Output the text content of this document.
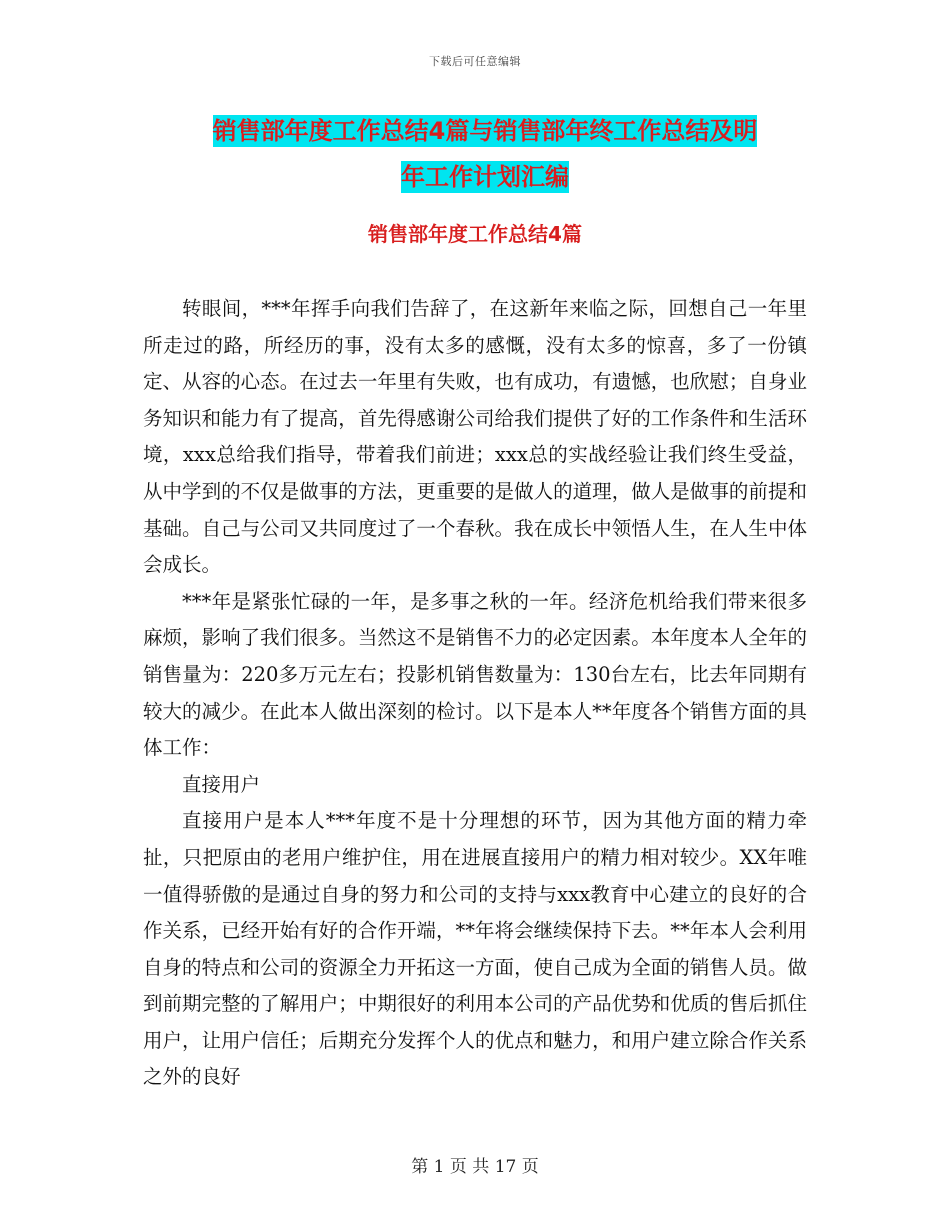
下载后可任意编辑
销售部年度工作总结4篇与销售部年终工作总结及明
年工作计划汇编
销售部年度工作总结4篇

转眼间，***年挥手向我们告辞了，在这新年来临之际，回想自己一年里所走过的路，所经历的事，没有太多的感慨，没有太多的惊喜，多了一份镇定、从容的心态。在过去一年里有失败，也有成功，有遗憾，也欣慰；自身业务知识和能力有了提高，首先得感谢公司给我们提供了好的工作条件和生活环境，xxx总给我们指导，带着我们前进；xxx总的实战经验让我们终生受益，从中学到的不仅是做事的方法，更重要的是做人的道理，做人是做事的前提和基础。自己与公司又共同度过了一个春秋。我在成长中领悟人生，在人生中体会成长。

***年是紧张忙碌的一年，是多事之秋的一年。经济危机给我们带来很多麻烦，影响了我们很多。当然这不是销售不力的必定因素。本年度本人全年的销售量为：220多万元左右；投影机销售数量为：130台左右，比去年同期有较大的减少。在此本人做出深刻的检讨。以下是本人**年度各个销售方面的具体工作：

直接用户

直接用户是本人***年度不是十分理想的环节，因为其他方面的精力牵扯，只把原由的老用户维护住，用在进展直接用户的精力相对较少。XX年唯一值得骄傲的是通过自身的努力和公司的支持与xxx教育中心建立的良好的合作关系，已经开始有好的合作开端，**年将会继续保持下去。**年本人会利用自身的特点和公司的资源全力开拓这一方面，使自己成为全面的销售人员。做到前期完整的了解用户；中期很好的利用本公司的产品优势和优质的售后抓住用户，让用户信任；后期充分发挥个人的优点和魅力，和用户建立除合作关系之外的良好

第 1 页 共 17 页
